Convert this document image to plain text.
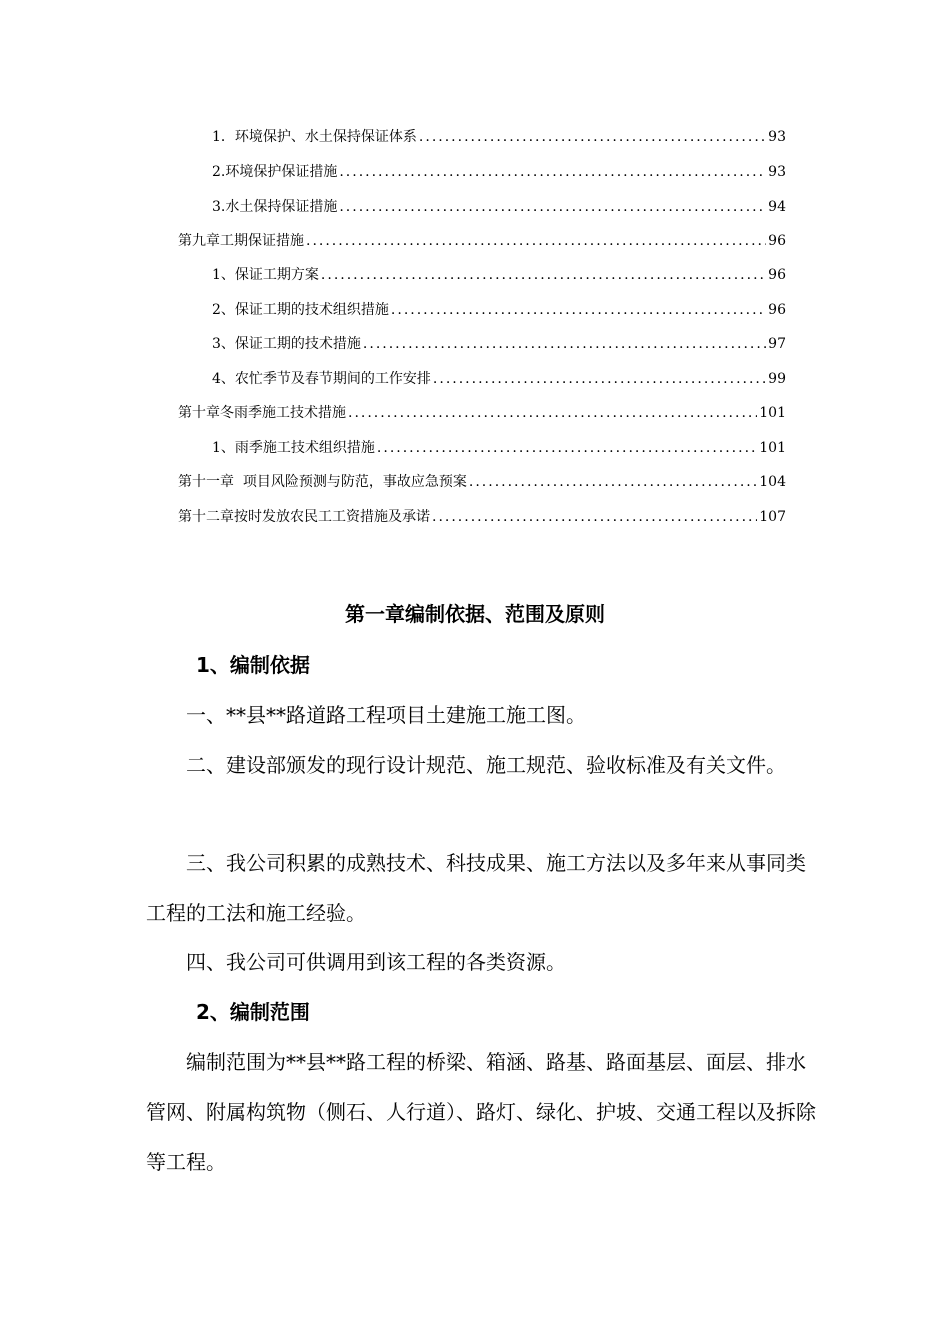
1．环境保护、水土保持保证体系 .....	93
2.环境保护保证措施 .....	93
3.水土保持保证措施 .....	94
第九章工期保证措施 .....	96
1、保证工期方案 .....	96
2、保证工期的技术组织措施 .....	96
3、保证工期的技术措施 .....	97
4、农忙季节及春节期间的工作安排 .....	99
第十章冬雨季施工技术措施 .....	101
1、雨季施工技术组织措施 .....	101
第十一章  项目风险预测与防范，事故应急预案 .....	104
第十二章按时发放农民工工资措施及承诺 .....	107
第一章编制依据、范围及原则
1、编制依据
一、**县**路道路工程项目土建施工施工图。
二、建设部颁发的现行设计规范、施工规范、验收标准及有关文件。
三、我公司积累的成熟技术、科技成果、施工方法以及多年来从事同类工程的工法和施工经验。
四、我公司可供调用到该工程的各类资源。
2、编制范围
编制范围为**县**路工程的桥梁、箱涵、路基、路面基层、面层、排水管网、附属构筑物（侧石、人行道）、路灯、绿化、护坡、交通工程以及拆除等工程。
